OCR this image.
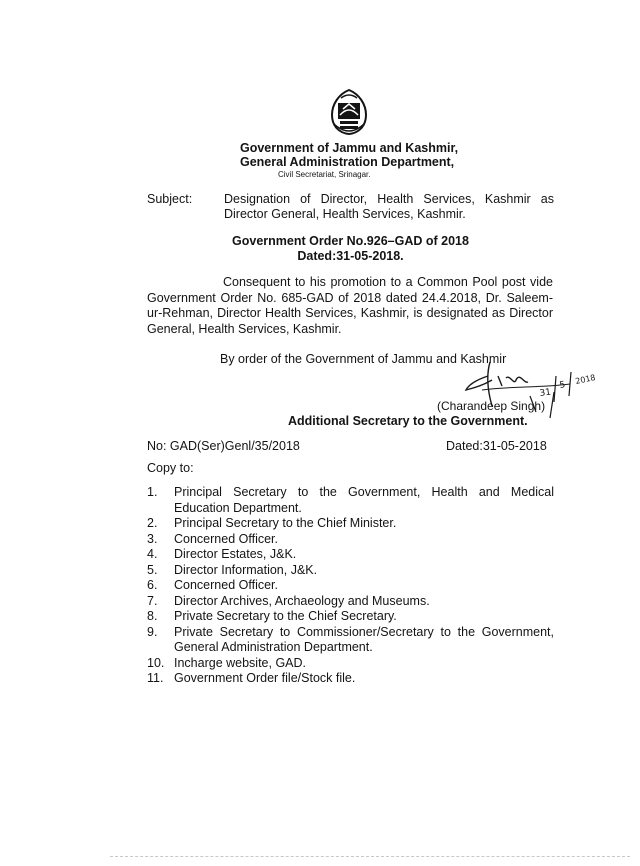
Government of Jammu and Kashmir,
General Administration Department,
Civil Secretariat, Srinagar.
Subject:	Designation of Director, Health Services, Kashmir as Director General, Health Services, Kashmir.
Government Order No.926–GAD of 2018
Dated:31-05-2018.
Consequent to his promotion to a Common Pool post vide Government Order No. 685-GAD of 2018 dated 24.4.2018, Dr. Saleem-ur-Rehman, Director Health Services, Kashmir, is designated as Director General, Health Services, Kashmir.
By order of the Government of Jammu and Kashmir
31
5 2018
(Charandeep Singh)
Additional Secretary to the Government.
No: GAD(Ser)Genl/35/2018	Dated:31-05-2018
Copy to:
1.	Principal Secretary to the Government, Health and Medical Education Department.
2.	Principal Secretary to the Chief Minister.
3.	Concerned Officer.
4.	Director Estates, J&K.
5.	Director Information, J&K.
6.	Concerned Officer.
7.	Director Archives, Archaeology and Museums.
8.	Private Secretary to the Chief Secretary.
9.	Private Secretary to Commissioner/Secretary to the Government, General Administration Department.
10. Incharge website, GAD.
11. Government Order file/Stock file.
